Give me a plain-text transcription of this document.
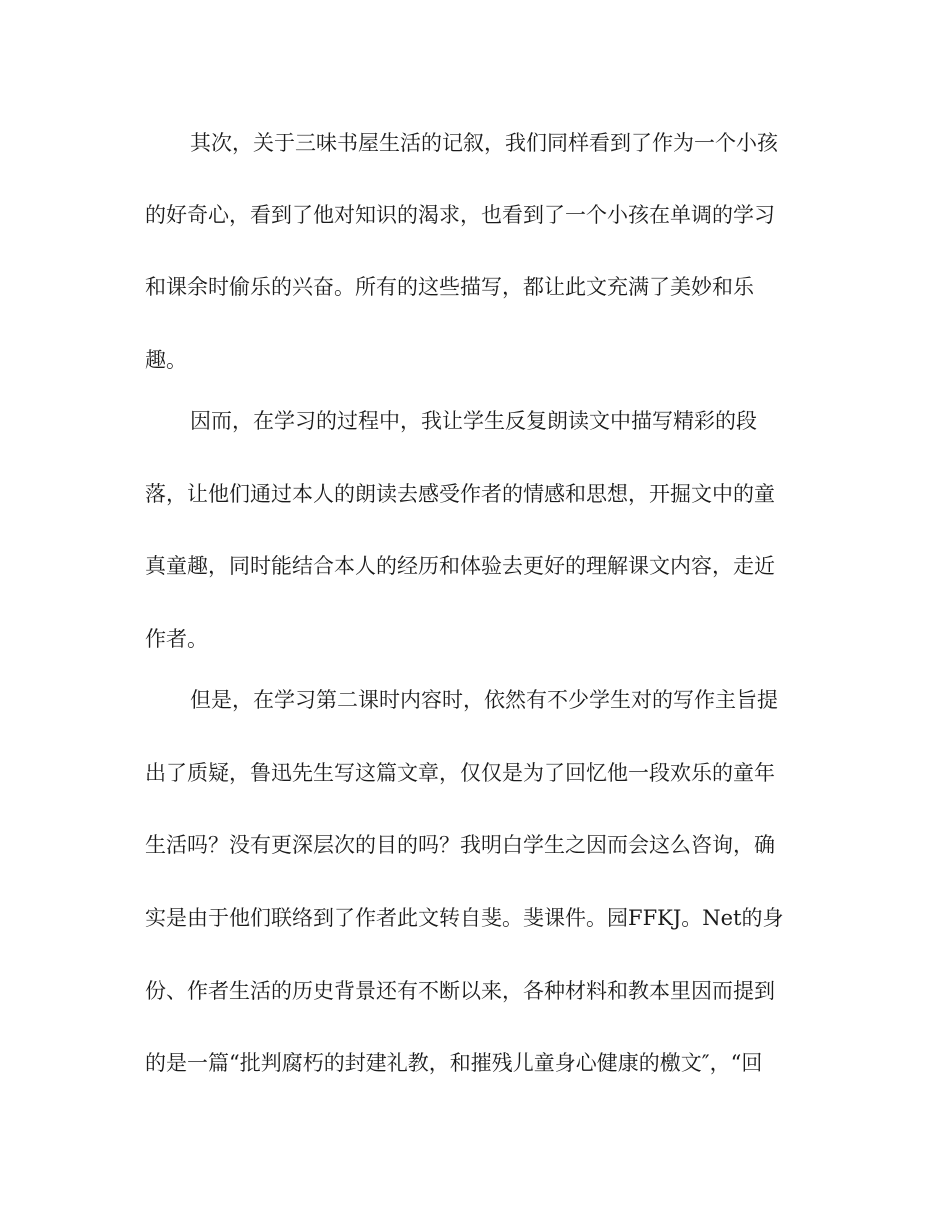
其次，关于三味书屋生活的记叙，我们同样看到了作为一个小孩
的好奇心，看到了他对知识的渴求，也看到了一个小孩在单调的学习
和课余时偷乐的兴奋。所有的这些描写，都让此文充满了美妙和乐
趣。
因而，在学习的过程中，我让学生反复朗读文中描写精彩的段
落，让他们通过本人的朗读去感受作者的情感和思想，开掘文中的童
真童趣，同时能结合本人的经历和体验去更好的理解课文内容，走近
作者。
但是，在学习第二课时内容时，依然有不少学生对的写作主旨提
出了质疑，鲁迅先生写这篇文章，仅仅是为了回忆他一段欢乐的童年
生活吗？没有更深层次的目的吗？我明白学生之因而会这么咨询，确
实是由于他们联络到了作者此文转自斐。斐课件。园FFKJ。Net的身
份、作者生活的历史背景还有不断以来，各种材料和教本里因而提到
的是一篇“批判腐朽的封建礼教，和摧残儿童身心健康的檄文″，“回
